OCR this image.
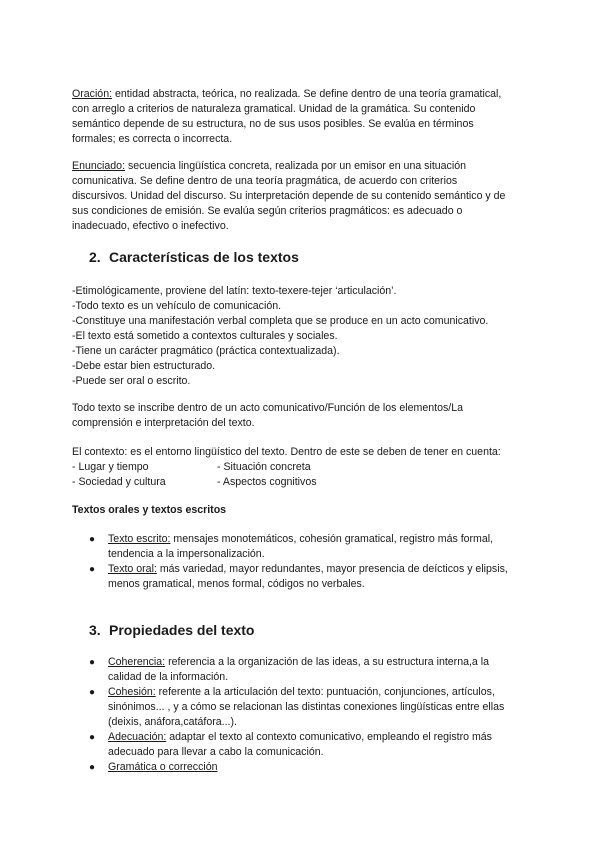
Oración: entidad abstracta, teórica, no realizada. Se define dentro de una teoría gramatical,
con arreglo a criterios de naturaleza gramatical. Unidad de la gramática. Su contenido
semántico depende de su estructura, no de sus usos posibles. Se evalúa en términos
formales; es correcta o incorrecta.
Enunciado: secuencia lingüística concreta, realizada por un emisor en una situación
comunicativa. Se define dentro de una teoría pragmática, de acuerdo con criterios
discursivos. Unidad del discurso. Su interpretación depende de su contenido semántico y de
sus condiciones de emisión. Se evalúa según criterios pragmáticos: es adecuado o
inadecuado, efectivo o inefectivo.
2. Características de los textos
-Etimológicamente, proviene del latín: texto-texere-tejer ‘articulación’.
-Todo texto es un vehículo de comunicación.
-Constituye una manifestación verbal completa que se produce en un acto comunicativo.
-El texto está sometido a contextos culturales y sociales.
-Tiene un carácter pragmático (práctica contextualizada).
-Debe estar bien estructurado.
-Puede ser oral o escrito.
Todo texto se inscribe dentro de un acto comunicativo/Función de los elementos/La
comprensión e interpretación del texto.
El contexto: es el entorno lingüístico del texto. Dentro de este se deben de tener en cuenta:
- Lugar y tiempo	- Situación concreta
- Sociedad y cultura	- Aspectos cognitivos
Textos orales y textos escritos
● Texto escrito: mensajes monotemáticos, cohesión gramatical, registro más formal,
tendencia a la impersonalización.
● Texto oral: más variedad, mayor redundantes, mayor presencia de deícticos y elipsis,
menos gramatical, menos formal, códigos no verbales.
3. Propiedades del texto
● Coherencia: referencia a la organización de las ideas, a su estructura interna,a la
calidad de la información.
● Cohesión: referente a la articulación del texto: puntuación, conjunciones, artículos,
sinónimos... , y a cómo se relacionan las distintas conexiones lingüísticas entre ellas
(deixis, anáfora,catáfora...).
● Adecuación: adaptar el texto al contexto comunicativo, empleando el registro más
adecuado para llevar a cabo la comunicación.
● Gramática o corrección
